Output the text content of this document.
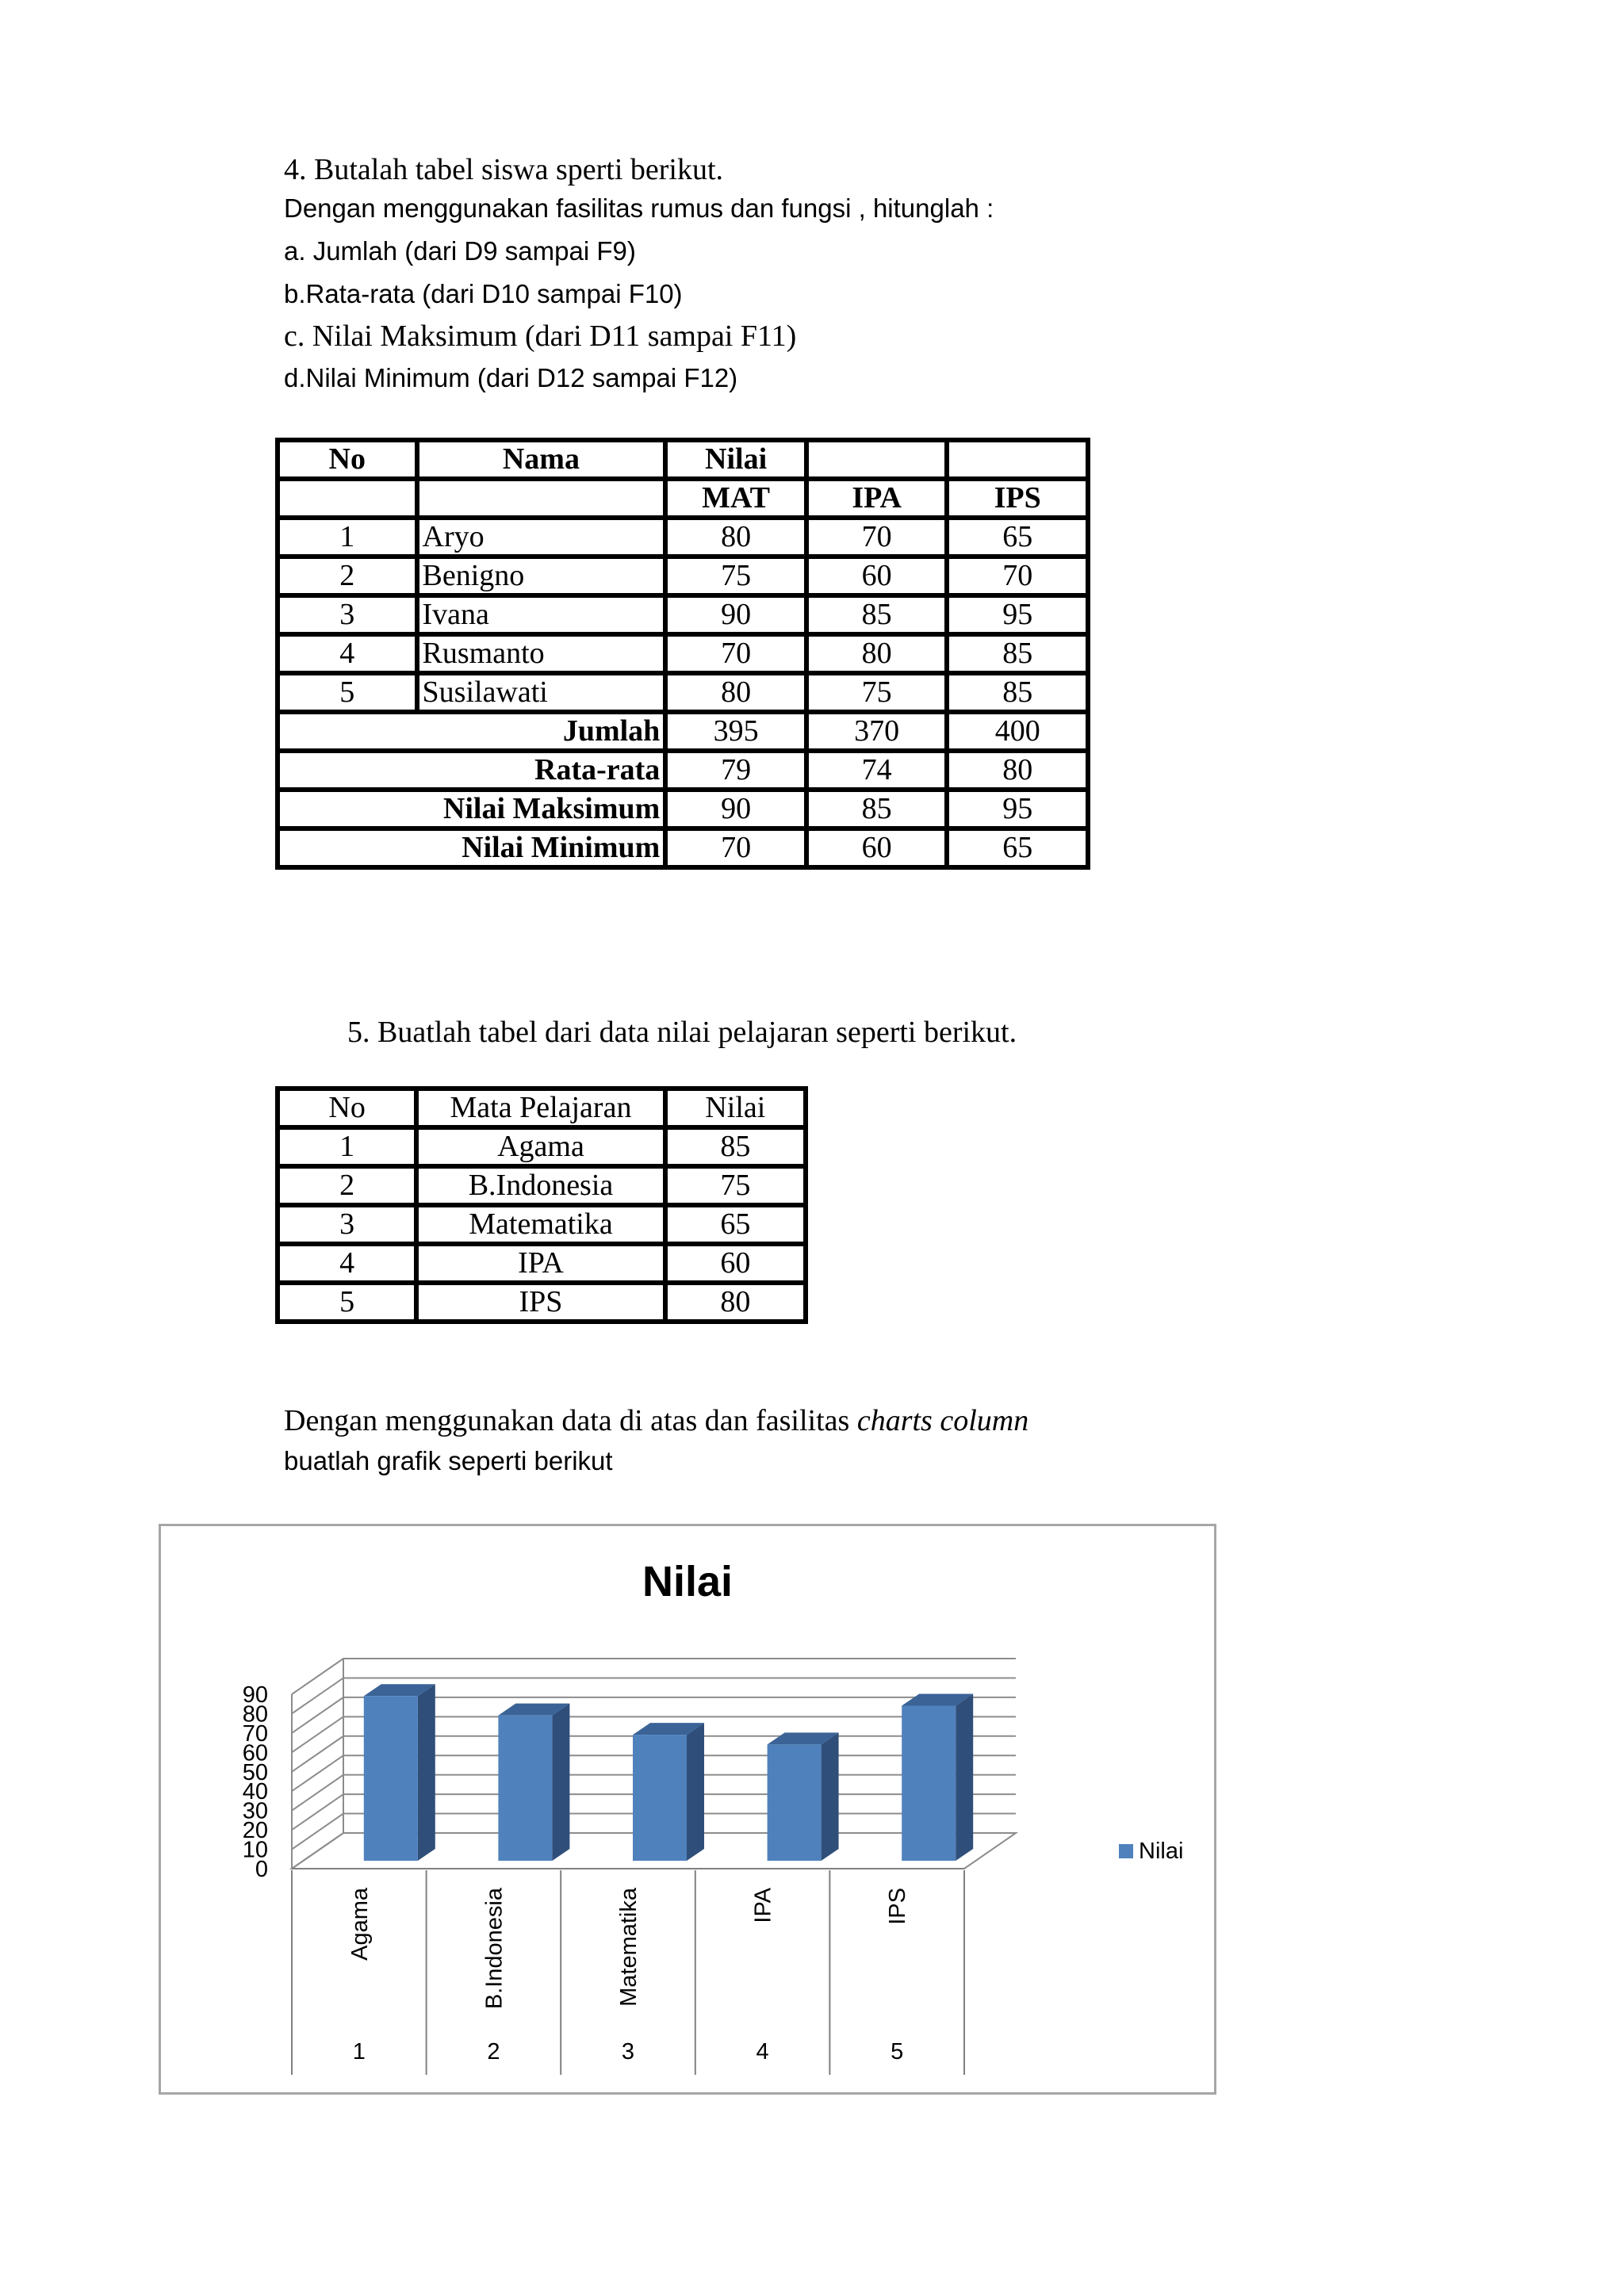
4. Butalah tabel siswa sperti berikut.
Dengan menggunakan fasilitas rumus dan fungsi , hitunglah :
a. Jumlah (dari D9 sampai F9)
b.Rata-rata (dari D10 sampai F10)
c. Nilai Maksimum (dari D11 sampai F11)
d.Nilai Minimum (dari D12 sampai F12)
No	Nama	Nilai		
		MAT	IPA	IPS
1	Aryo	80	70	65
2	Benigno	75	60	70
3	Ivana	90	85	95
4	Rusmanto	70	80	85
5	Susilawati	80	75	85
Jumlah		395	370	400
Rata-rata		79	74	80
Nilai Maksimum		90	85	95
Nilai Minimum		70	60	65
5. Buatlah tabel dari data nilai pelajaran seperti berikut.
No	Mata Pelajaran	Nilai
1	Agama	85
2	B.Indonesia	75
3	Matematika	65
4	IPA	60
5	IPS	80
Dengan menggunakan data di atas dan fasilitas charts column
buatlah grafik seperti berikut
Nilai
0
10
20
30
40
50
60
70
80
90
Agama
1
B.Indonesia
2
Matematika
3
IPA
4
IPS
5
Nilai
